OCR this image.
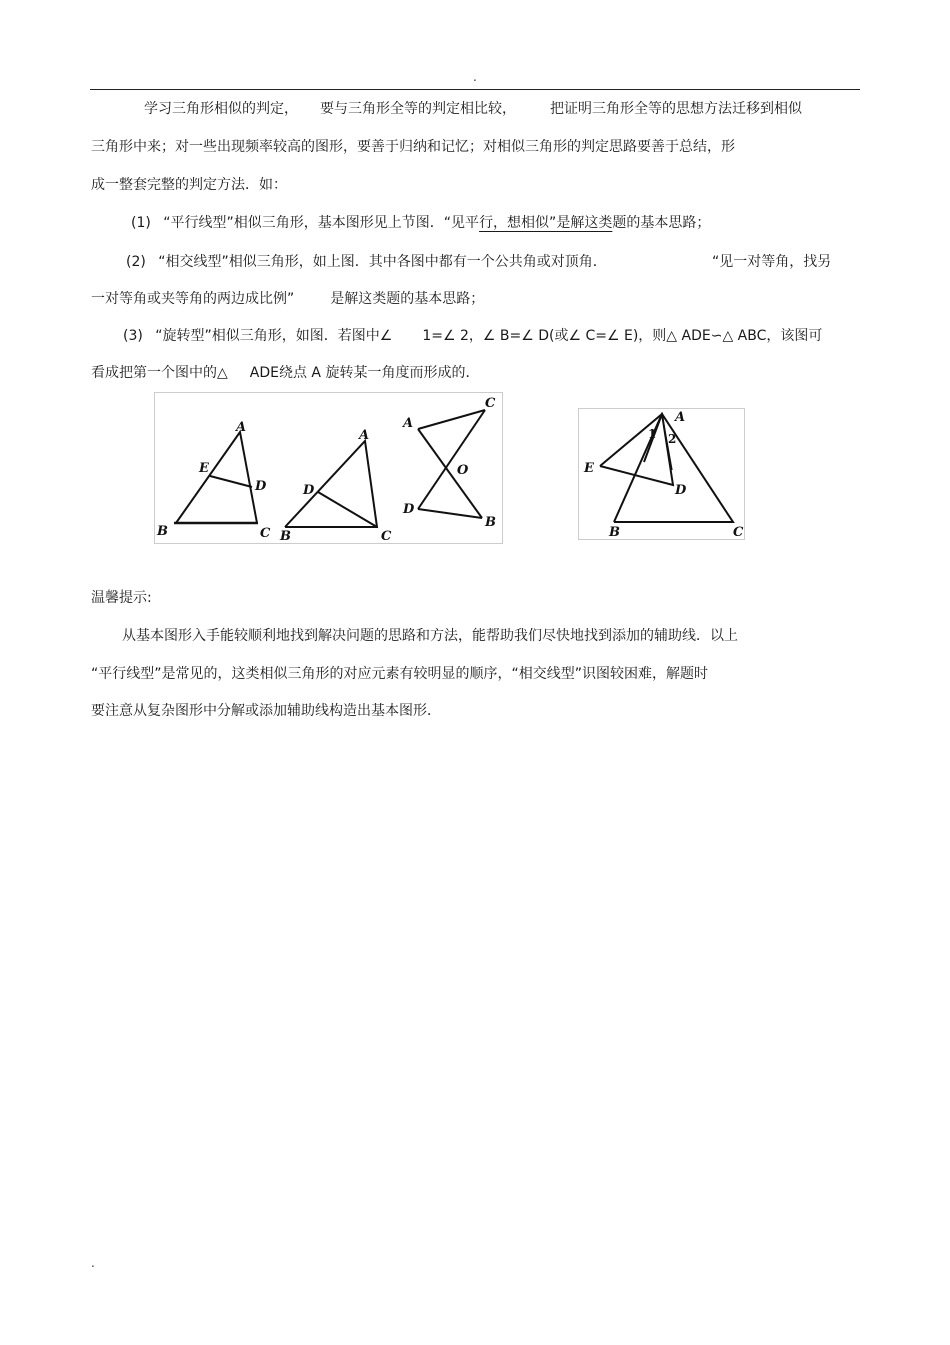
.
学习三角形相似的判定， 要与三角形全等的判定相比较， 把证明三角形全等的思想方法迁移到相似
三角形中来；对一些出现频率较高的图形，要善于归纳和记忆；对相似三角形的判定思路要善于总结，形
成一整套完整的判定方法．如：
(1) “平行线型”相似三角形，基本图形见上节图．“见平行，想相似”是解这类题的基本思路；
(2) “相交线型”相似三角形，如上图．其中各图中都有一个公共角或对顶角．	“见一对等角，找另
一对等角或夹等角的两边成比例”	是解这类题的基本思路；
(3) “旋转型”相似三角形，如图．若图中∠ 1=∠ 2，∠ B=∠ D(或∠ C=∠ E)，则△ ADE∽△ ABC，该图可
看成把第一个图中的△ ADE绕点 A 旋转某一角度而形成的．
A
E
D
B	C
A
D
B	C
A
C
O
D
B
A
1 2
E
D
B	C
温馨提示:
从基本图形入手能较顺利地找到解决问题的思路和方法，能帮助我们尽快地找到添加的辅助线．以上
“平行线型”是常见的，这类相似三角形的对应元素有较明显的顺序，“相交线型”识图较困难，解题时
要注意从复杂图形中分解或添加辅助线构造出基本图形．
.
